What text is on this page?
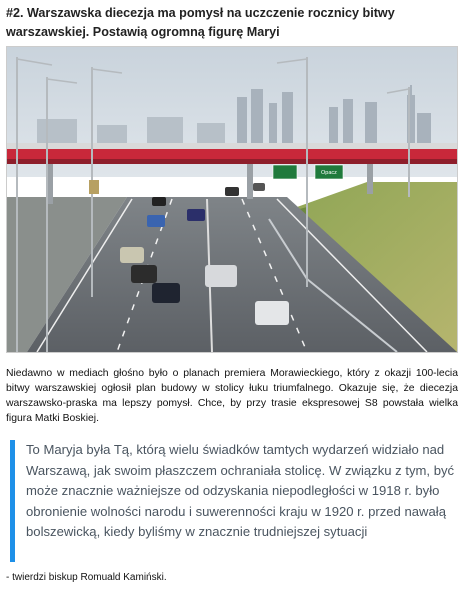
#2. Warszawska diecezja ma pomysł na uczczenie rocznicy bitwy warszawskiej. Postawią ogromną figurę Maryi
Opacz
Niedawno w mediach głośno było o planach premiera Morawieckiego, który z okazji 100-lecia bitwy warszawskiej ogłosił plan budowy w stolicy łuku triumfalnego. Okazuje się, że diecezja warszawsko-praska ma lepszy pomysł. Chce, by przy trasie ekspresowej S8 powstała wielka figura Matki Boskiej.
To Maryja była Tą, którą wielu świadków tamtych wydarzeń widziało nad Warszawą, jak swoim płaszczem ochraniała stolicę. W związku z tym, być może znacznie ważniejsze od odzyskania niepodległości w 1918 r. było obronienie wolności narodu i suwerenności kraju w 1920 r. przed nawałą bolszewicką, kiedy byliśmy w znacznie trudniejszej sytuacji
- twierdzi biskup Romuald Kamiński.
